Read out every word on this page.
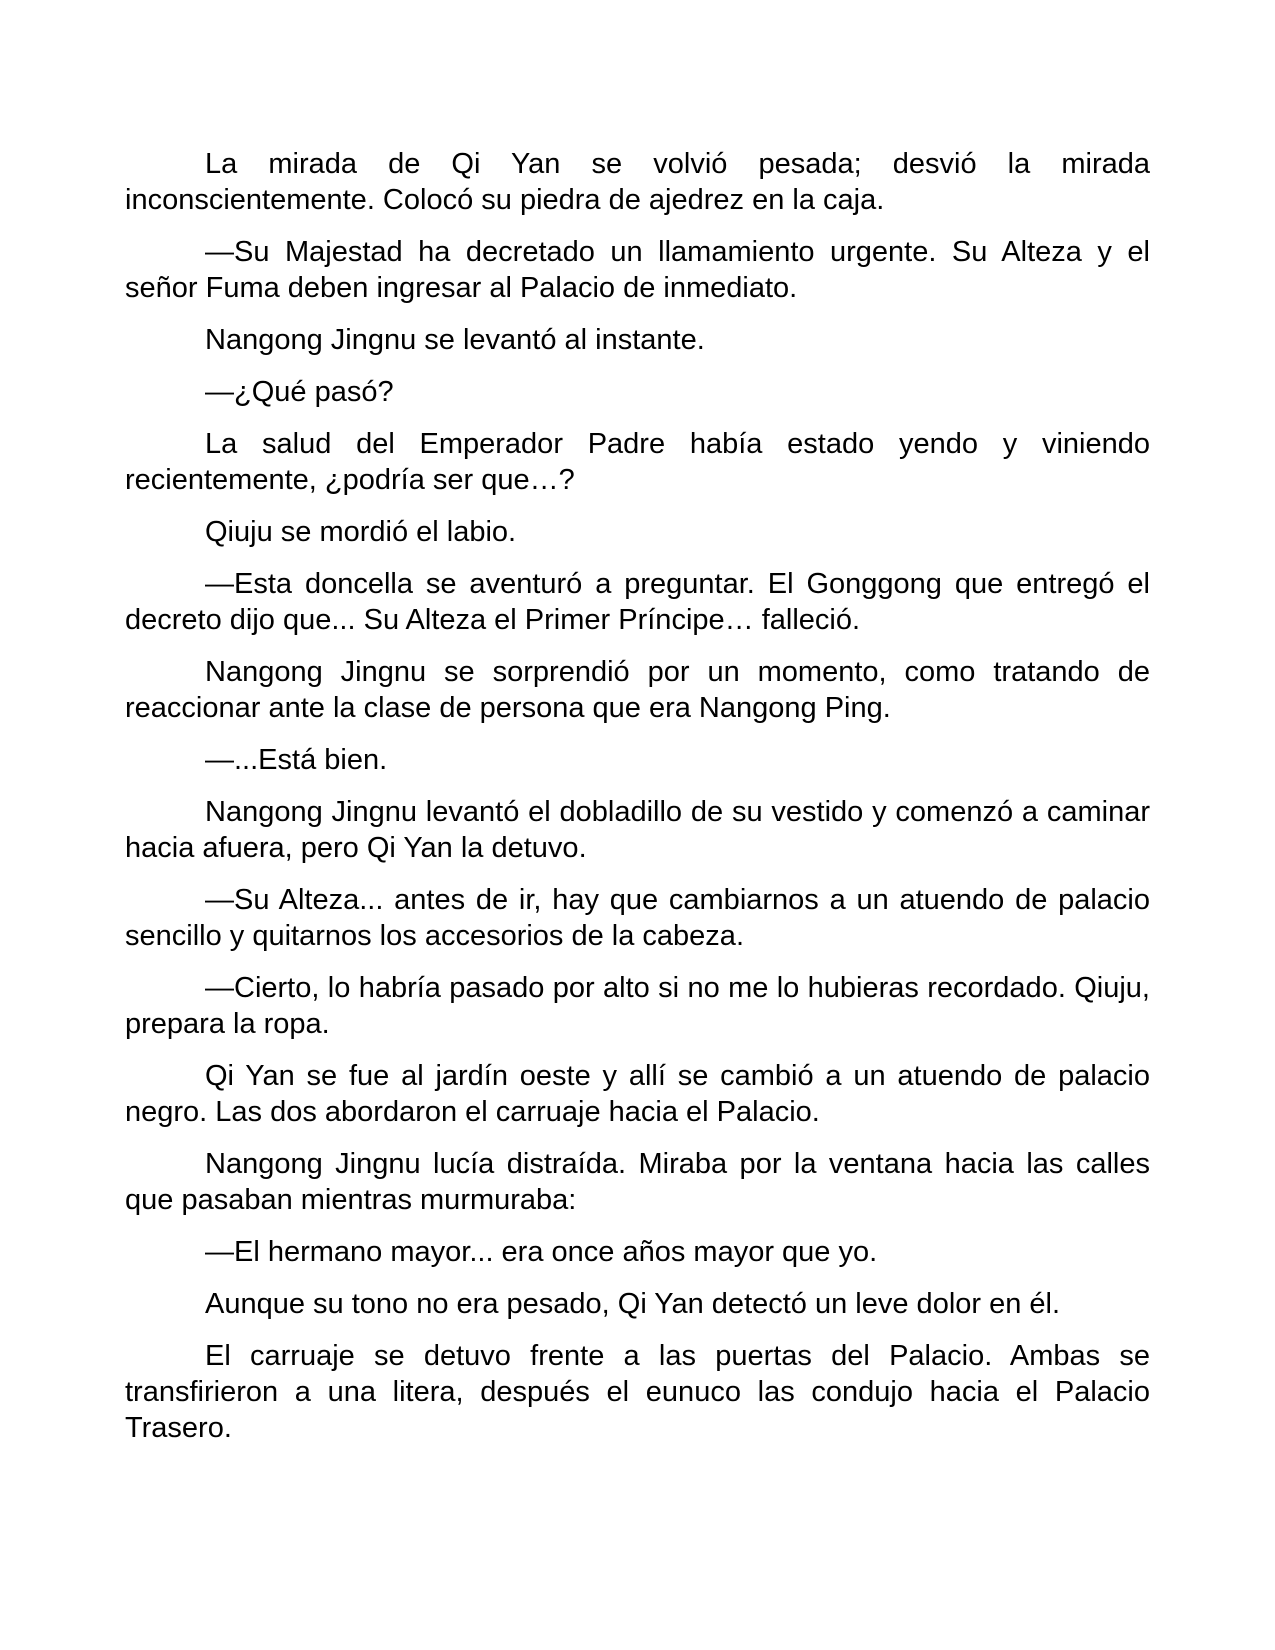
La mirada de Qi Yan se volvió pesada; desvió la mirada inconscientemente. Colocó su piedra de ajedrez en la caja.

—Su Majestad ha decretado un llamamiento urgente. Su Alteza y el señor Fuma deben ingresar al Palacio de inmediato.

Nangong Jingnu se levantó al instante.

—¿Qué pasó?

La salud del Emperador Padre había estado yendo y viniendo recientemente, ¿podría ser que…?

Qiuju se mordió el labio.

—Esta doncella se aventuró a preguntar. El Gonggong que entregó el decreto dijo que... Su Alteza el Primer Príncipe… falleció.

Nangong Jingnu se sorprendió por un momento, como tratando de reaccionar ante la clase de persona que era Nangong Ping.

—...Está bien.

Nangong Jingnu levantó el dobladillo de su vestido y comenzó a caminar hacia afuera, pero Qi Yan la detuvo.

—Su Alteza... antes de ir, hay que cambiarnos a un atuendo de palacio sencillo y quitarnos los accesorios de la cabeza.

—Cierto, lo habría pasado por alto si no me lo hubieras recordado. Qiuju, prepara la ropa.

Qi Yan se fue al jardín oeste y allí se cambió a un atuendo de palacio negro. Las dos abordaron el carruaje hacia el Palacio.

Nangong Jingnu lucía distraída. Miraba por la ventana hacia las calles que pasaban mientras murmuraba:

—El hermano mayor... era once años mayor que yo.

Aunque su tono no era pesado, Qi Yan detectó un leve dolor en él.

El carruaje se detuvo frente a las puertas del Palacio. Ambas se transfirieron a una litera, después el eunuco las condujo hacia el Palacio Trasero.
